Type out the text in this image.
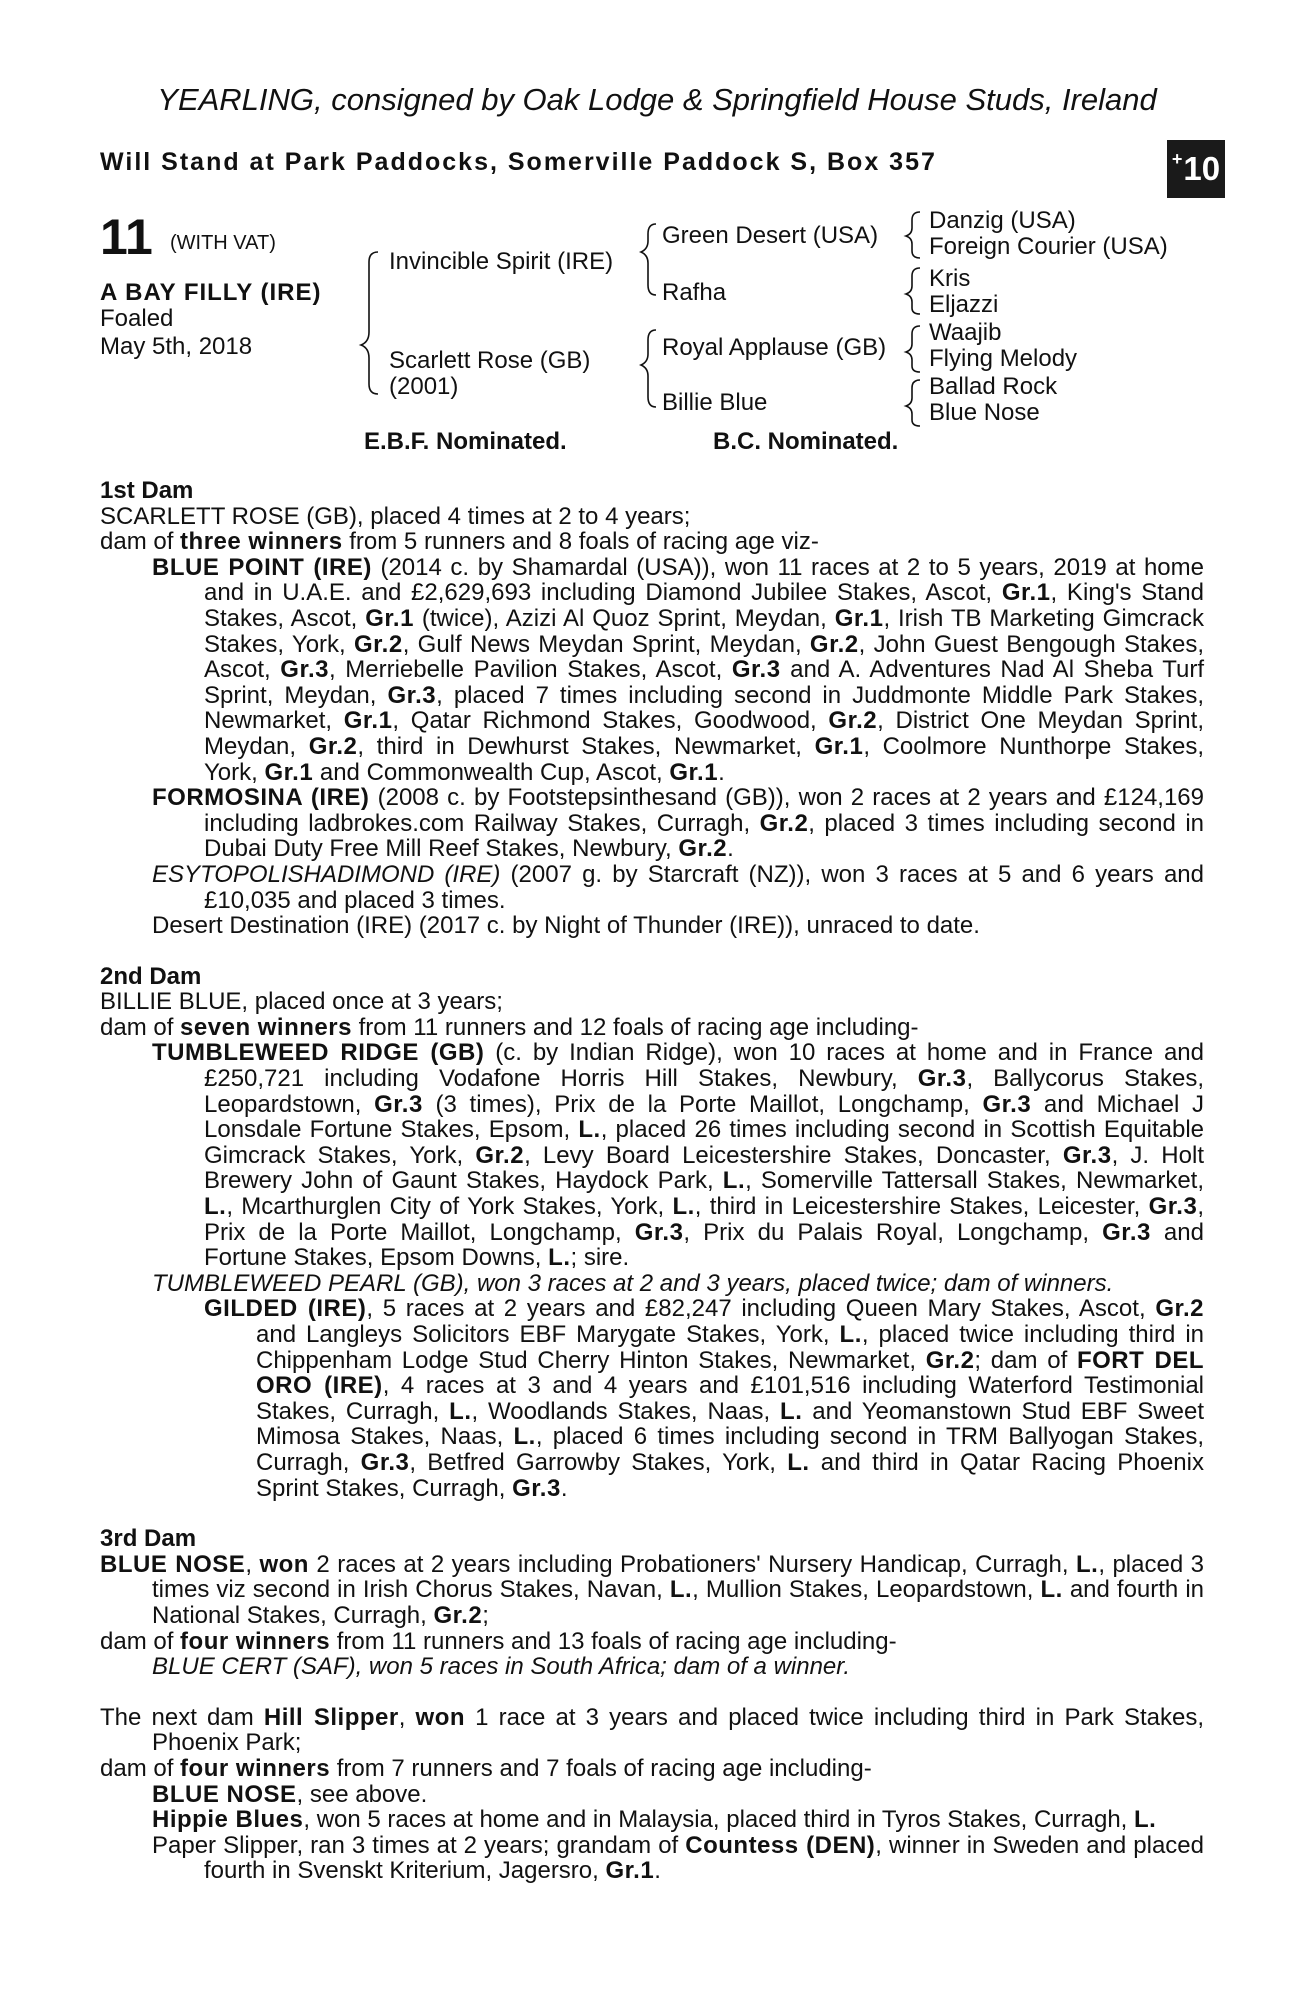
YEARLING, consigned by Oak Lodge & Springfield House Studs, Ireland
Will Stand at Park Paddocks, Somerville Paddock S, Box 357	+ 10
11 (WITH VAT)
A BAY FILLY (IRE)
Foaled
May 5th, 2018
Invincible Spirit (IRE)
Scarlett Rose (GB)
(2001)
Green Desert (USA)
Rafha
Royal Applause (GB)
Billie Blue
Danzig (USA)
Foreign Courier (USA)
Kris
Eljazzi
Waajib
Flying Melody
Ballad Rock
Blue Nose
E.B.F. Nominated.	B.C. Nominated.

1st Dam

SCARLETT ROSE (GB), placed 4 times at 2 to 4 years;

dam of three winners from 5 runners and 8 foals of racing age viz-

BLUE POINT (IRE) (2014 c. by Shamardal (USA)), won 11 races at 2 to 5 years, 2019 at home and in U.A.E. and £2,629,693 including Diamond Jubilee Stakes, Ascot, Gr.1, King's Stand Stakes, Ascot, Gr.1 (twice), Azizi Al Quoz Sprint, Meydan, Gr.1, Irish TB Marketing Gimcrack Stakes, York, Gr.2, Gulf News Meydan Sprint, Meydan, Gr.2, John Guest Bengough Stakes, Ascot, Gr.3, Merriebelle Pavilion Stakes, Ascot, Gr.3 and A. Adventures Nad Al Sheba Turf Sprint, Meydan, Gr.3, placed 7 times including second in Juddmonte Middle Park Stakes, Newmarket, Gr.1, Qatar Richmond Stakes, Goodwood, Gr.2, District One Meydan Sprint, Meydan, Gr.2, third in Dewhurst Stakes, Newmarket, Gr.1, Coolmore Nunthorpe Stakes, York, Gr.1 and Commonwealth Cup, Ascot, Gr.1.

FORMOSINA (IRE) (2008 c. by Footstepsinthesand (GB)), won 2 races at 2 years and £124,169 including ladbrokes.com Railway Stakes, Curragh, Gr.2, placed 3 times including second in Dubai Duty Free Mill Reef Stakes, Newbury, Gr.2.

ESYTOPOLISHADIMOND (IRE) (2007 g. by Starcraft (NZ)), won 3 races at 5 and 6 years and £10,035 and placed 3 times.

Desert Destination (IRE) (2017 c. by Night of Thunder (IRE)), unraced to date.

2nd Dam

BILLIE BLUE, placed once at 3 years;

dam of seven winners from 11 runners and 12 foals of racing age including-

TUMBLEWEED RIDGE (GB) (c. by Indian Ridge), won 10 races at home and in France and £250,721 including Vodafone Horris Hill Stakes, Newbury, Gr.3, Ballycorus Stakes, Leopardstown, Gr.3 (3 times), Prix de la Porte Maillot, Longchamp, Gr.3 and Michael J Lonsdale Fortune Stakes, Epsom, L., placed 26 times including second in Scottish Equitable Gimcrack Stakes, York, Gr.2, Levy Board Leicestershire Stakes, Doncaster, Gr.3, J. Holt Brewery John of Gaunt Stakes, Haydock Park, L., Somerville Tattersall Stakes, Newmarket, L., Mcarthurglen City of York Stakes, York, L., third in Leicestershire Stakes, Leicester, Gr.3, Prix de la Porte Maillot, Longchamp, Gr.3, Prix du Palais Royal, Longchamp, Gr.3 and Fortune Stakes, Epsom Downs, L.; sire.

TUMBLEWEED PEARL (GB), won 3 races at 2 and 3 years, placed twice; dam of winners.

GILDED (IRE), 5 races at 2 years and £82,247 including Queen Mary Stakes, Ascot, Gr.2 and Langleys Solicitors EBF Marygate Stakes, York, L., placed twice including third in Chippenham Lodge Stud Cherry Hinton Stakes, Newmarket, Gr.2; dam of FORT DEL ORO (IRE), 4 races at 3 and 4 years and £101,516 including Waterford Testimonial Stakes, Curragh, L., Woodlands Stakes, Naas, L. and Yeomanstown Stud EBF Sweet Mimosa Stakes, Naas, L., placed 6 times including second in TRM Ballyogan Stakes, Curragh, Gr.3, Betfred Garrowby Stakes, York, L. and third in Qatar Racing Phoenix Sprint Stakes, Curragh, Gr.3.

3rd Dam

BLUE NOSE, won 2 races at 2 years including Probationers' Nursery Handicap, Curragh, L., placed 3 times viz second in Irish Chorus Stakes, Navan, L., Mullion Stakes, Leopardstown, L. and fourth in National Stakes, Curragh, Gr.2;

dam of four winners from 11 runners and 13 foals of racing age including-

BLUE CERT (SAF), won 5 races in South Africa; dam of a winner.

The next dam Hill Slipper, won 1 race at 3 years and placed twice including third in Park Stakes, Phoenix Park;

dam of four winners from 7 runners and 7 foals of racing age including-

BLUE NOSE, see above.

Hippie Blues, won 5 races at home and in Malaysia, placed third in Tyros Stakes, Curragh, L.

Paper Slipper, ran 3 times at 2 years; grandam of Countess (DEN), winner in Sweden and placed fourth in Svenskt Kriterium, Jagersro, Gr.1.
